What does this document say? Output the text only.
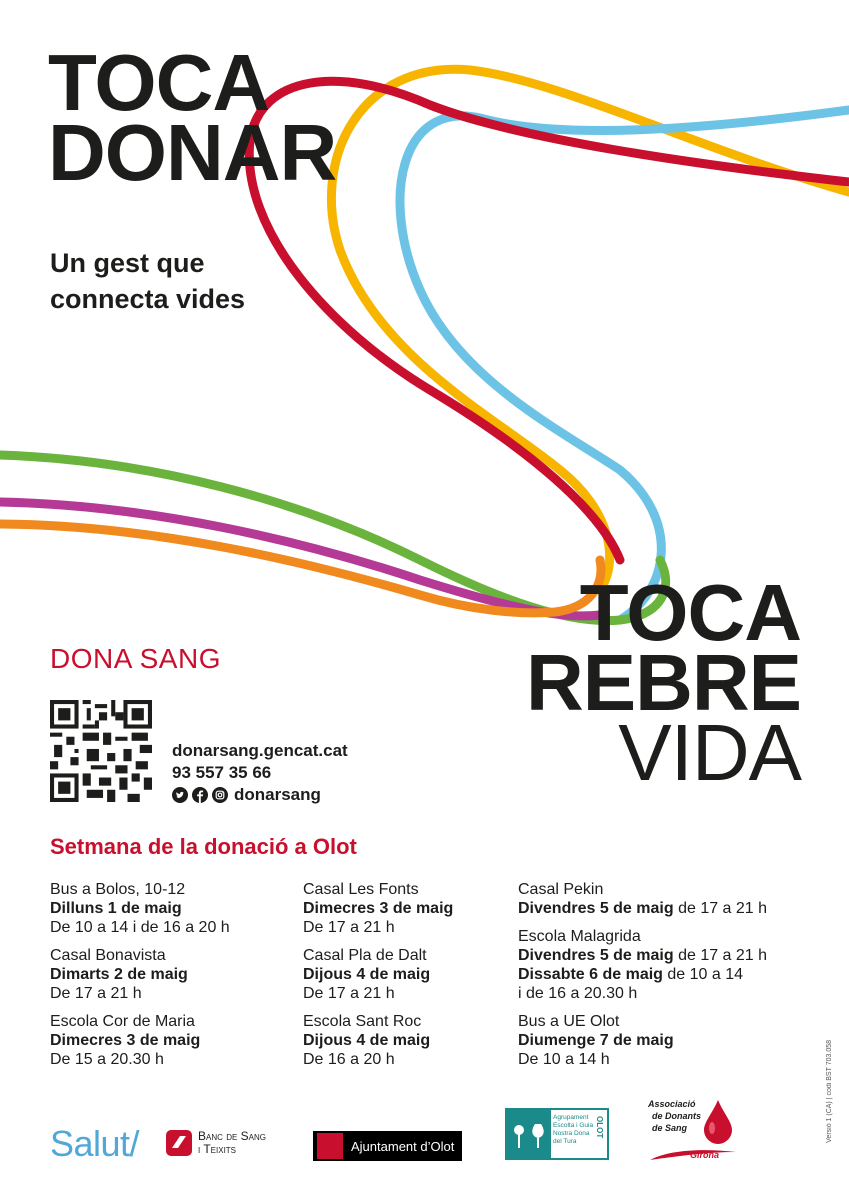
TOCA
DONAR
Un gest que
connecta vides
TOCA
REBRE
VIDA
DONA SANG
donarsang.gencat.cat
93 557 35 66
donarsang
Setmana de la donació a Olot
Bus a Bolos, 10-12
Dilluns 1 de maig
De 10 a 14 i de 16 a 20 h
Casal Bonavista
Dimarts 2 de maig
De 17 a 21 h
Escola Cor de Maria
Dimecres 3 de maig
De 15 a 20.30 h
Casal Les Fonts
Dimecres 3 de maig
De 17 a 21 h
Casal Pla de Dalt
Dijous 4 de maig
De 17 a 21 h
Escola Sant Roc
Dijous 4 de maig
De 16 a 20 h
Casal Pekin
Divendres 5 de maig de 17 a 21 h
Escola Malagrida
Divendres 5 de maig de 17 a 21 h
Dissabte 6 de maig de 10 a 14
i de 16 a 20.30 h
Bus a UE Olot
Diumenge 7 de maig
De 10 a 14 h
Salut/	Banc de Sang
i Teixits	Ajuntament d’Olot
Agrupament
Escolta i Guia
Nostra Dona
del Tura
OLOT
Associació
de Donants
de Sang
Girona
Versió 1 (CA) | codi BST 703.058
